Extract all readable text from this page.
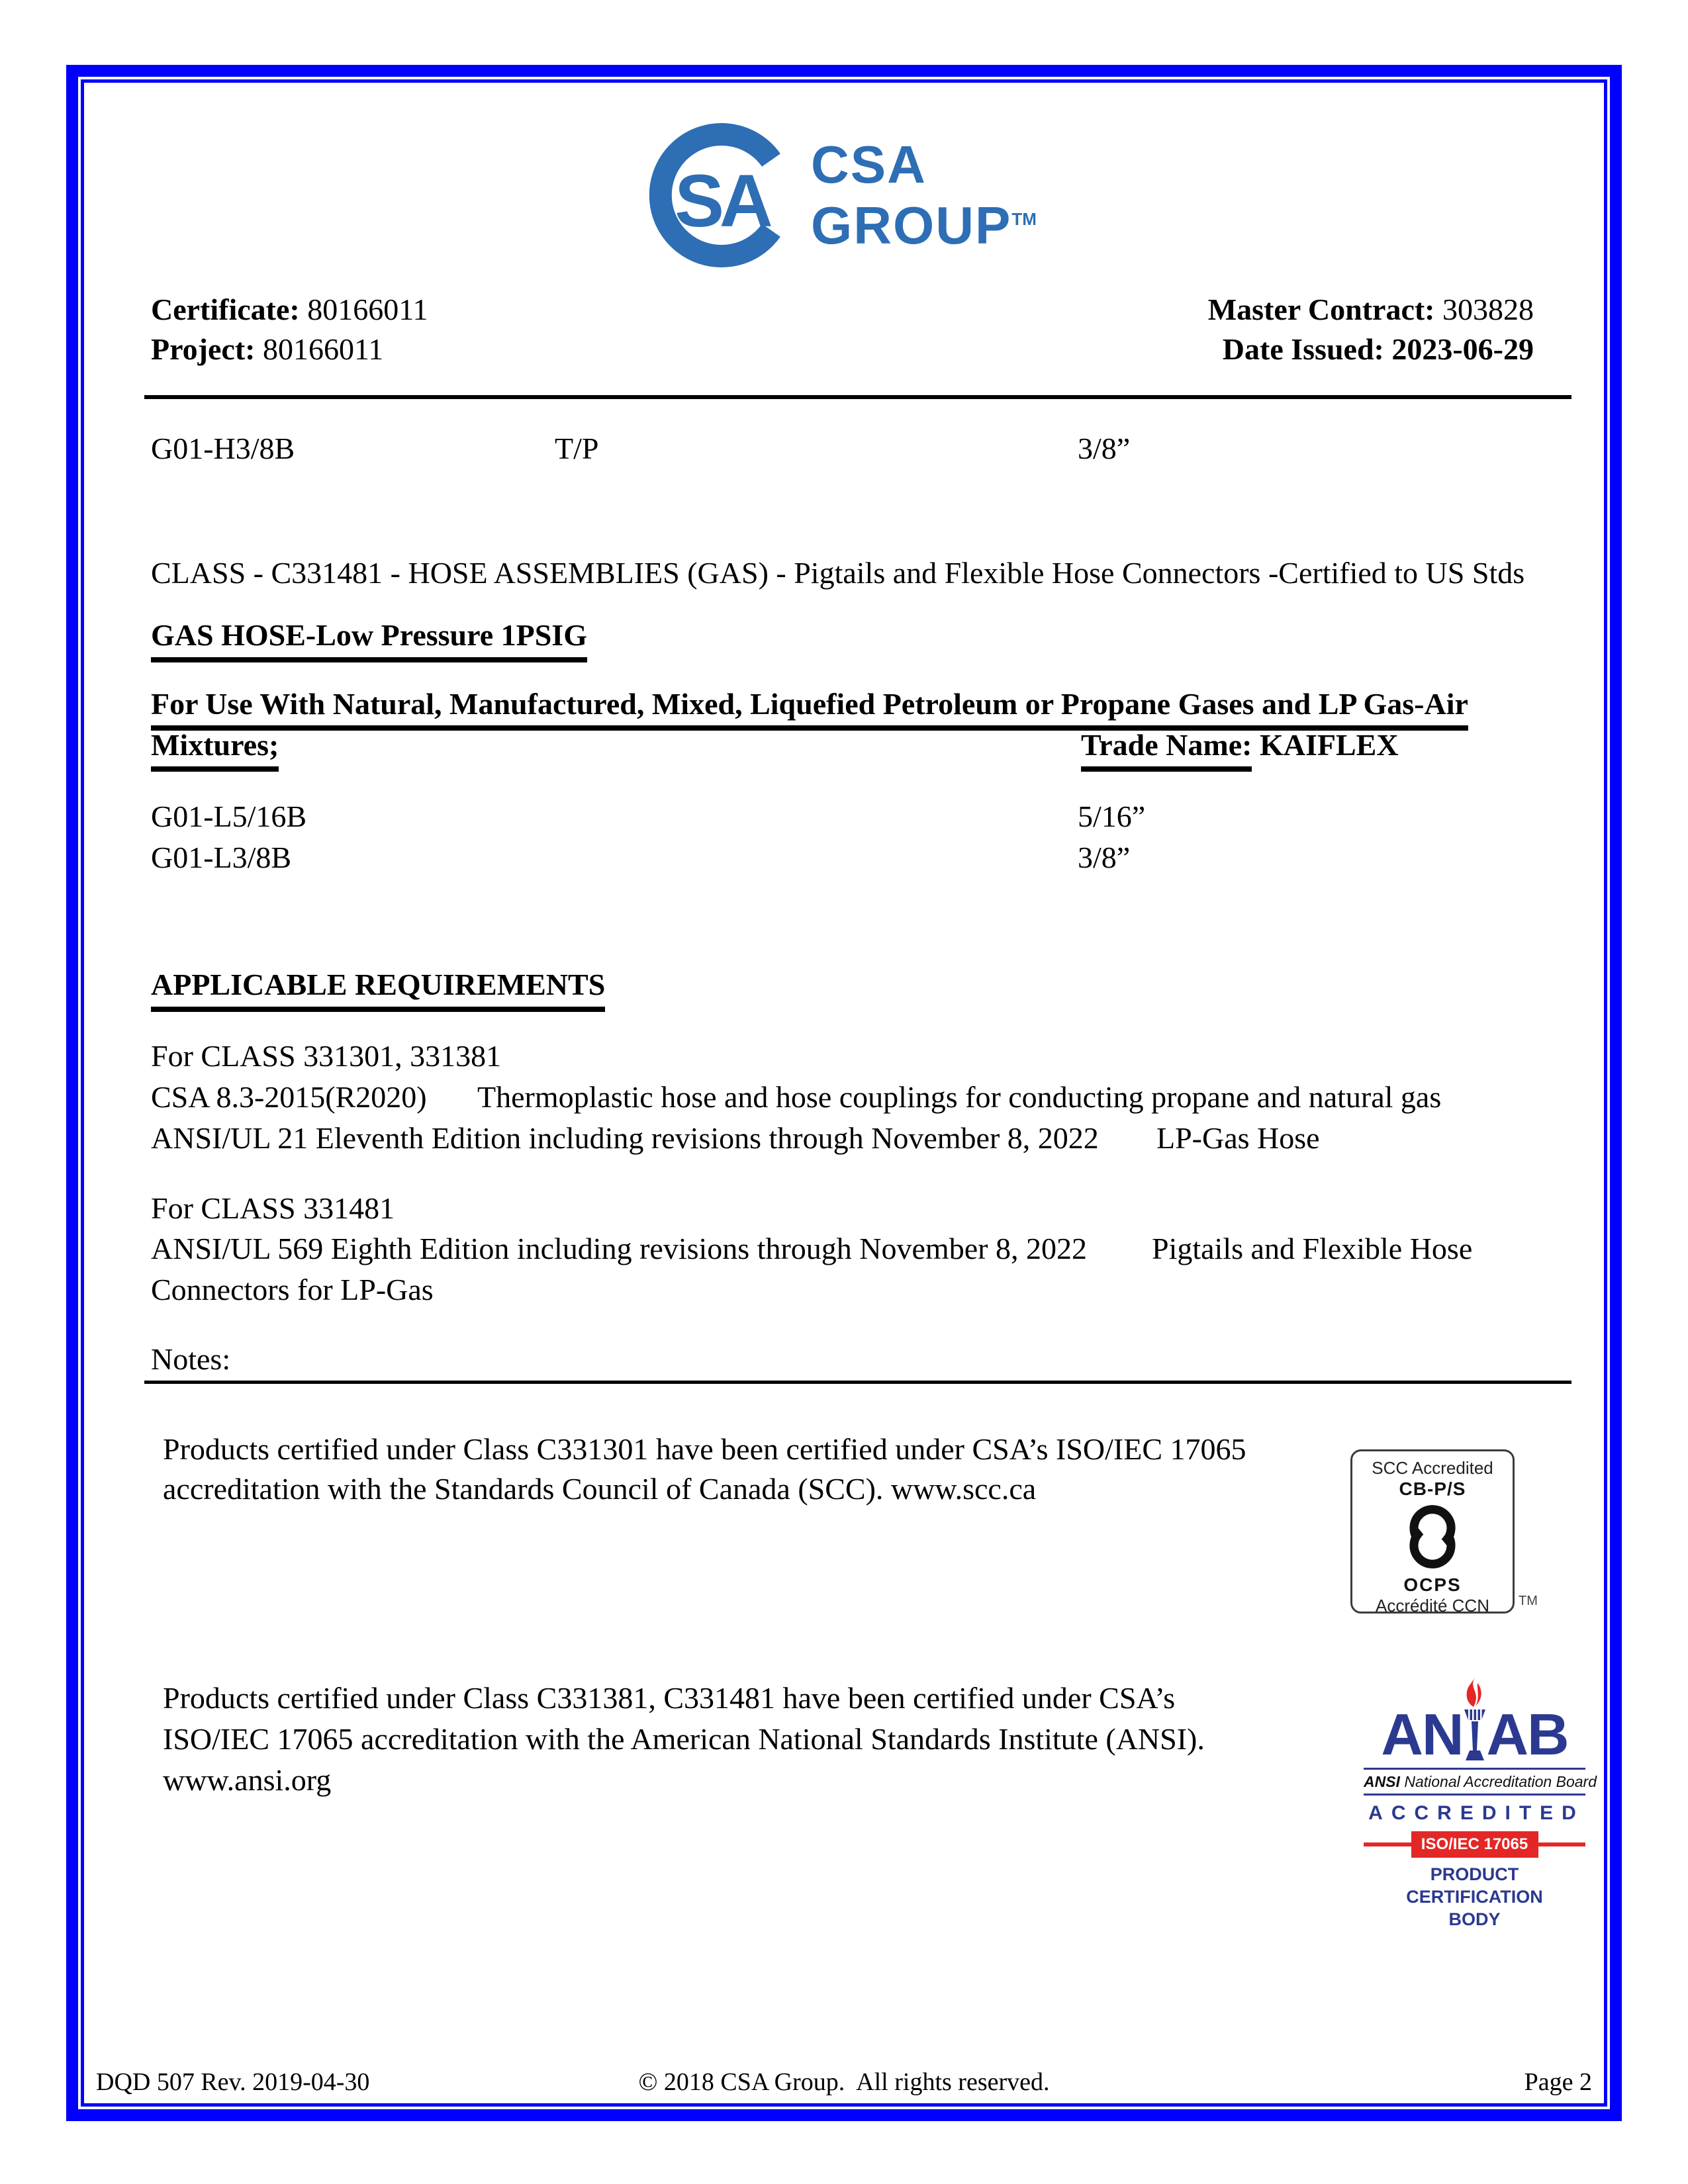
SA CSA
GROUP™
Certificate: 80166011
Project: 80166011
Master Contract: 303828
Date Issued: 2023-06-29
G01-H3/8B	T/P	3/8”
CLASS - C331481 - HOSE ASSEMBLIES (GAS) - Pigtails and Flexible Hose Connectors -Certified to US Stds
GAS HOSE-Low Pressure 1PSIG
For Use With Natural, Manufactured, Mixed, Liquefied Petroleum or Propane Gases and LP Gas-Air
Mixtures;	Trade Name: KAIFLEX
G01-L5/16B	5/16”
G01-L3/8B	3/8”
APPLICABLE REQUIREMENTS
For CLASS 331301, 331381
CSA 8.3-2015(R2020) Thermoplastic hose and hose couplings for conducting propane and natural gas
ANSI/UL 21 Eleventh Edition including revisions through November 8, 2022 LP-Gas Hose
For CLASS 331481
ANSI/UL 569 Eighth Edition including revisions through November 8, 2022 Pigtails and Flexible Hose
Connectors for LP-Gas
Notes:
Products certified under Class C331301 have been certified under CSA’s ISO/IEC 17065
accreditation with the Standards Council of Canada (SCC). www.scc.ca
SCC Accredited
CB-P/S
OCPS
Accrédité CCN	TM
Products certified under Class C331381, C331481 have been certified under CSA’s
ISO/IEC 17065 accreditation with the American National Standards Institute (ANSI).
www.ansi.org
AN AB
ANSI National Accreditation Board
ACCREDITED
ISO/IEC 17065
PRODUCT CERTIFICATION
BODY
DQD 507 Rev. 2019-04-30	© 2018 CSA Group.  All rights reserved.	Page 2
